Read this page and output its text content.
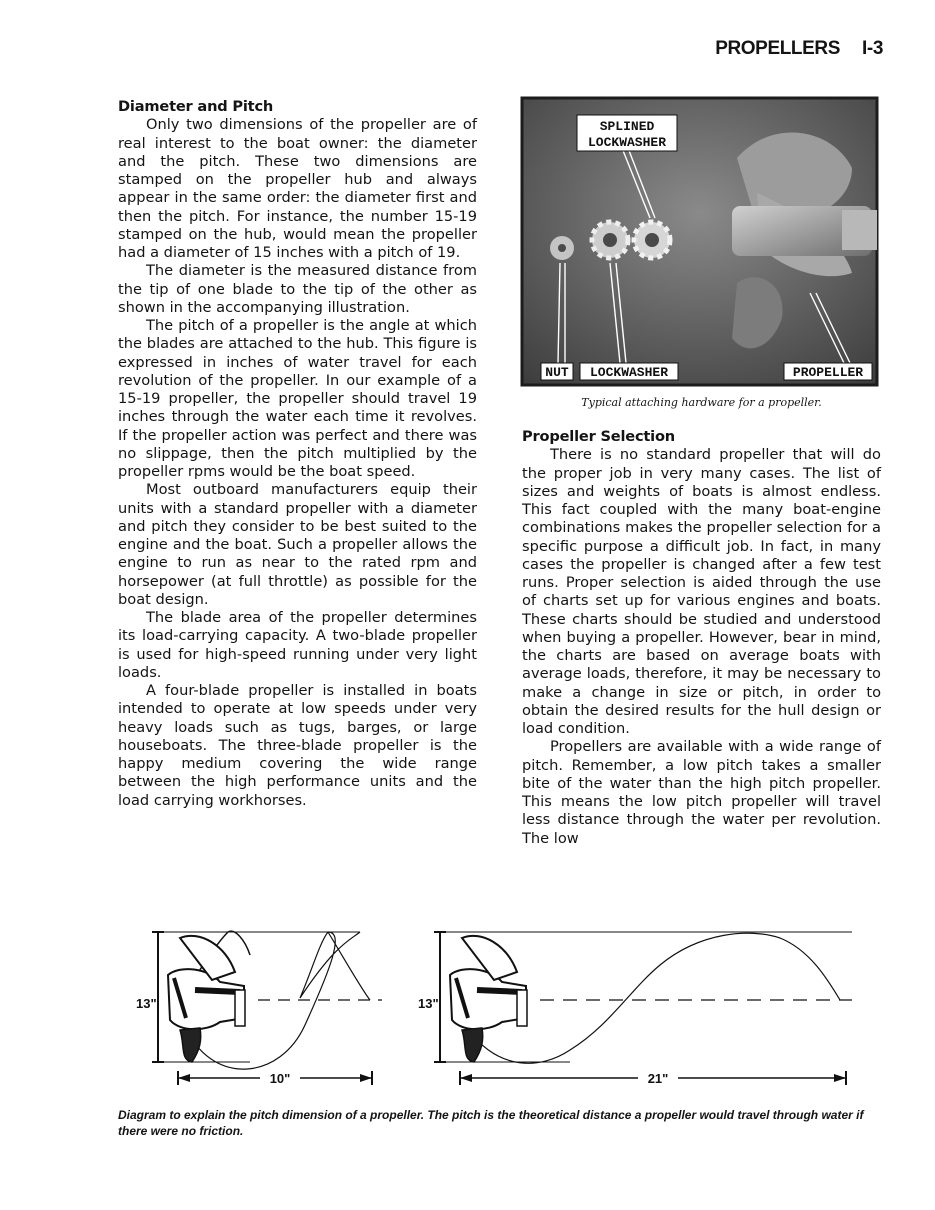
PROPELLERS I-3
Diameter and Pitch

Only two dimensions of the propeller are of real interest to the boat owner: the diameter and the pitch. These two dimensions are stamped on the propeller hub and always appear in the same order: the diameter first and then the pitch. For instance, the number 15-19 stamped on the hub, would mean the propeller had a diameter of 15 inches with a pitch of 19.

The diameter is the measured distance from the tip of one blade to the tip of the other as shown in the accompanying illustration.

The pitch of a propeller is the angle at which the blades are attached to the hub. This figure is expressed in inches of water travel for each revolution of the propeller. In our example of a 15-19 propeller, the propeller should travel 19 inches through the water each time it revolves. If the propeller action was perfect and there was no slippage, then the pitch multiplied by the propeller rpms would be the boat speed.

Most outboard manufacturers equip their units with a standard propeller with a diameter and pitch they consider to be best suited to the engine and the boat. Such a propeller allows the engine to run as near to the rated rpm and horsepower (at full throttle) as possible for the boat design.

The blade area of the propeller determines its load-carrying capacity. A two-blade propeller is used for high-speed running under very light loads.

A four-blade propeller is installed in boats intended to operate at low speeds under very heavy loads such as tugs, barges, or large houseboats. The three-blade propeller is the happy medium covering the wide range between the high performance units and the load carrying workhorses.

SPLINED
LOCKWASHER
NUT LOCKWASHER	PROPELLER
Typical attaching hardware for a propeller.
Propeller Selection

There is no standard propeller that will do the proper job in very many cases. The list of sizes and weights of boats is almost endless. This fact coupled with the many boat-engine combinations makes the propeller selection for a specific purpose a difficult job. In fact, in many cases the propeller is changed after a few test runs. Proper selection is aided through the use of charts set up for various engines and boats. These charts should be studied and understood when buying a propeller. However, bear in mind, the charts are based on average boats with average loads, therefore, it may be necessary to make a change in size or pitch, in order to obtain the desired results for the hull design or load condition.

Propellers are available with a wide range of pitch. Remember, a low pitch takes a smaller bite of the water than the high pitch propeller. This means the low pitch propeller will travel less distance through the water per revolution. The low

13"
10"
13"
21"
Diagram to explain the pitch dimension of a propeller. The pitch is the theoretical distance a propeller would travel through water if there were no friction.
